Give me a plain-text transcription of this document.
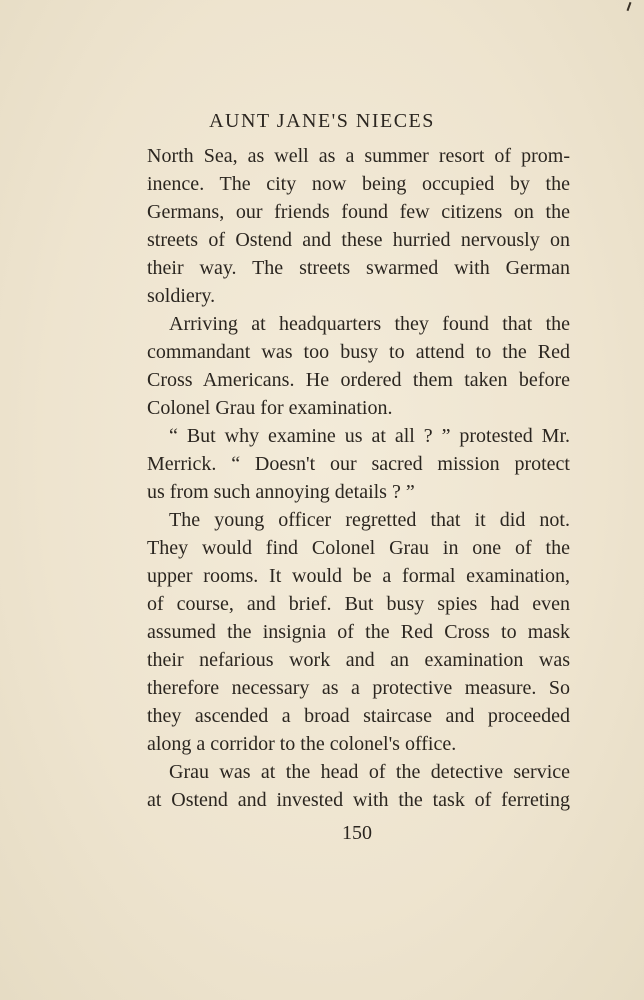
AUNT JANE'S NIECES
North Sea, as well as a summer resort of prom-
inence. The city now being occupied by the
Germans, our friends found few citizens on the
streets of Ostend and these hurried nervously on
their way. The streets swarmed with German
soldiery.
Arriving at headquarters they found that the
commandant was too busy to attend to the Red
Cross Americans. He ordered them taken before
Colonel Grau for examination.
“ But why examine us at all ? ” protested Mr.
Merrick. “ Doesn't our sacred mission protect
us from such annoying details ? ”
The young officer regretted that it did not.
They would find Colonel Grau in one of the
upper rooms. It would be a formal examination,
of course, and brief. But busy spies had even
assumed the insignia of the Red Cross to mask
their nefarious work and an examination was
therefore necessary as a protective measure. So
they ascended a broad staircase and proceeded
along a corridor to the colonel's office.
Grau was at the head of the detective service
at Ostend and invested with the task of ferreting
150
